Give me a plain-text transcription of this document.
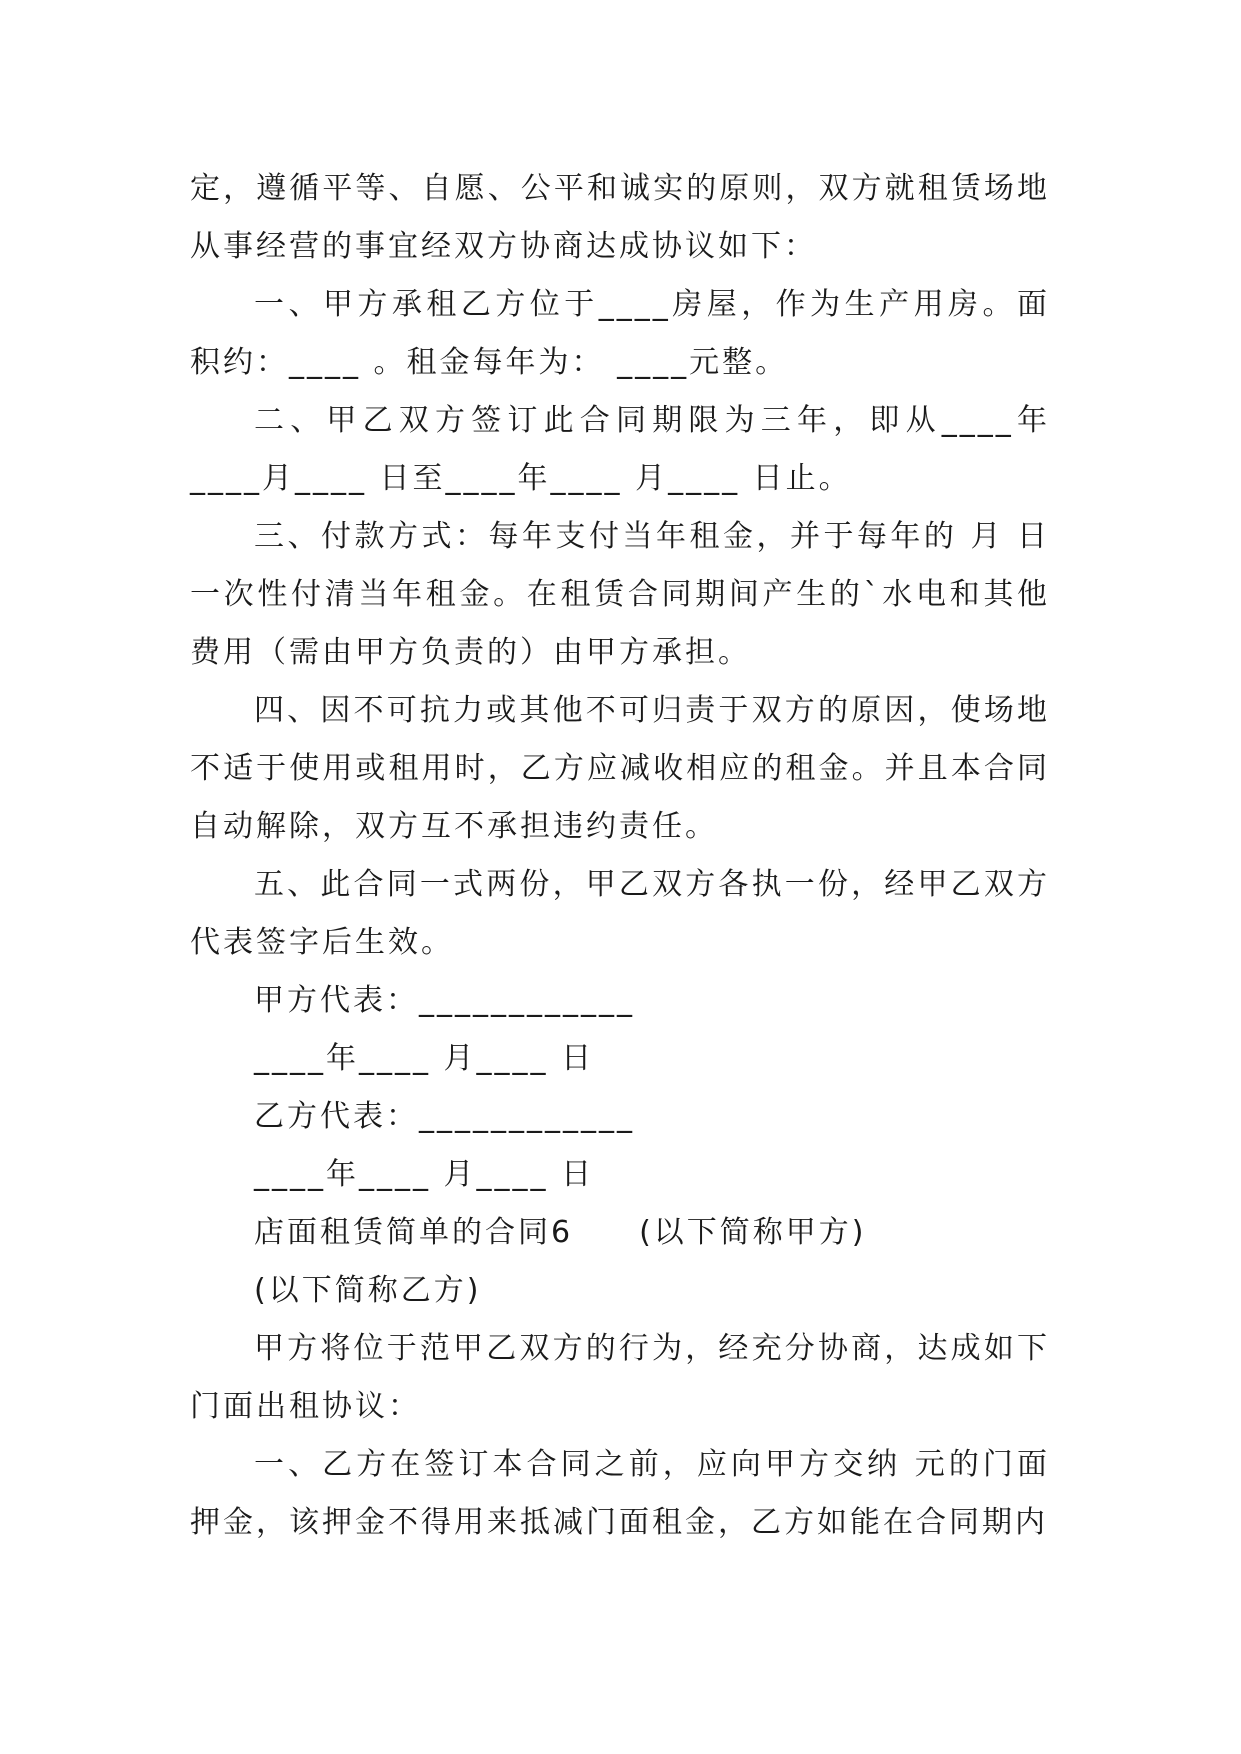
定，遵循平等、自愿、公平和诚实的原则，双方就租赁场地从事经营的事宜经双方协商达成协议如下：

一、甲方承租乙方位于____房屋，作为生产用房。面积约：____ 。租金每年为： ____元整。

二、甲乙双方签订此合同期限为三年，即从____年____月____ 日至____年____ 月____ 日止。

三、付款方式：每年支付当年租金，并于每年的 月 日一次性付清当年租金。在租赁合同期间产生的`水电和其他费用（需由甲方负责的）由甲方承担。

四、因不可抗力或其他不可归责于双方的原因，使场地不适于使用或租用时，乙方应减收相应的租金。并且本合同自动解除，双方互不承担违约责任。

五、此合同一式两份，甲乙双方各执一份，经甲乙双方代表签字后生效。

甲方代表：____________

____年____ 月____ 日

乙方代表：____________

____年____ 月____ 日

店面租赁简单的合同6　　(以下简称甲方)

(以下简称乙方)

甲方将位于范甲乙双方的行为，经充分协商，达成如下门面出租协议：

一、乙方在签订本合同之前，应向甲方交纳 元的门面押金，该押金不得用来抵减门面租金，乙方如能在合同期内
